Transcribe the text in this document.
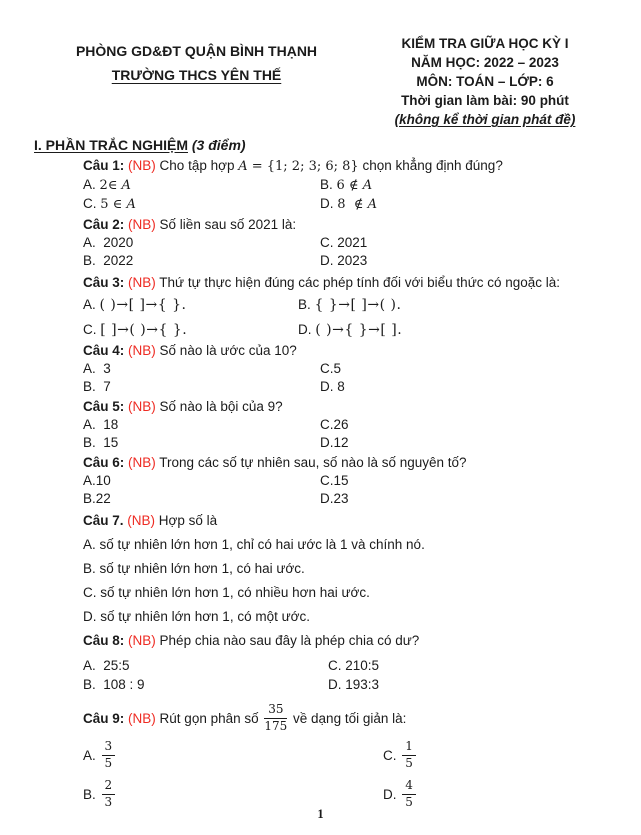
PHÒNG GD&ĐT QUẬN BÌNH THẠNH
TRƯỜNG THCS YÊN THẾ
KIỂM TRA GIỮA HỌC KỲ I
NĂM HỌC: 2022 – 2023
MÔN: TOÁN – LỚP: 6
Thời gian làm bài: 90 phút
(không kể thời gian phát đề)
I. PHẦN TRẮC NGHIỆM (3 điểm)
Câu 1: (NB) Cho tập hợp A = {1; 2; 3; 6; 8} chọn khẳng định đúng?
A. 2∈ A	B. 6 ∉ A
C. 5 ∈ A	D. 8  ∉ A
Câu 2: (NB) Số liền sau số 2021 là:
A.  2020	C. 2021
B.  2022	D. 2023
Câu 3: (NB) Thứ tự thực hiện đúng các phép tính đối với biểu thức có ngoặc là:
A. ( )→[ ]→{ }.	B. { }→[ ]→( ).
C. [ ]→( )→{ }.	D. ( )→{ }→[ ].
Câu 4: (NB) Số nào là ước của 10?
A.  3	C.5
B.  7	D. 8
Câu 5: (NB) Số nào là bội của 9?
A.  18	C.26
B.  15	D.12
Câu 6: (NB) Trong các số tự nhiên sau, số nào là số nguyên tố?
A.10	C.15
B.22	D.23
Câu 7. (NB) Hợp số là
A. số tự nhiên lớn hơn 1, chỉ có hai ước là 1 và chính nó.
B. số tự nhiên lớn hơn 1, có hai ước.
C. số tự nhiên lớn hơn 1, có nhiều hơn hai ước.
D. số tự nhiên lớn hơn 1, có một ước.
Câu 8: (NB) Phép chia nào sau đây là phép chia có dư?
A.  25:5	C. 210:5
B.  108 : 9	D. 193:3
Câu 9: (NB) Rút gọn phân số $\frac{35}{175}$ về dạng tối giản là:
A. $\frac{3}{5}$	C. $\frac{1}{5}$
B. $\frac{2}{3}$	D. $\frac{4}{5}$
1
